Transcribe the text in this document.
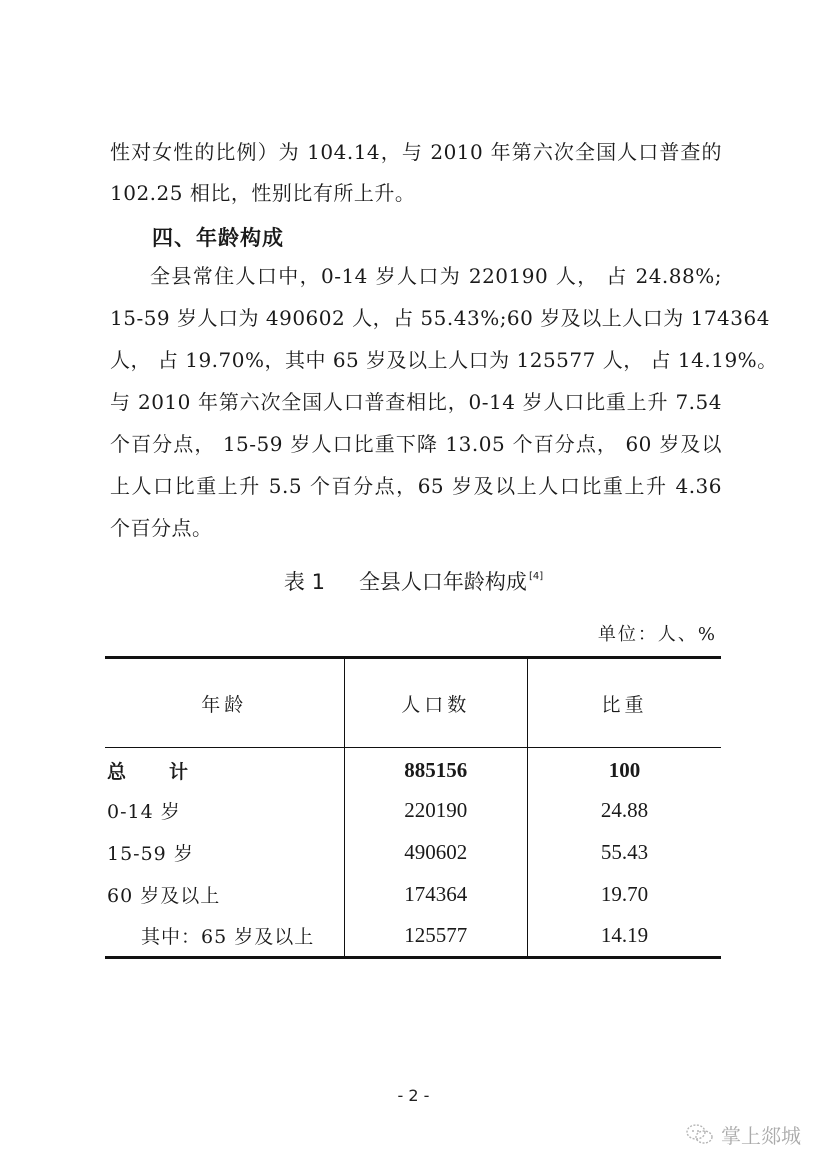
性对女性的比例）为 104.14，与 2010 年第六次全国人口普查的
102.25 相比，性别比有所上升。
四、年龄构成
全县常住人口中，0-14 岁人口为 220190 人， 占 24.88%;
15-59 岁人口为 490602 人，占 55.43%;60 岁及以上人口为 174364
人， 占 19.70%，其中 65 岁及以上人口为 125577 人， 占 14.19%。
与 2010 年第六次全国人口普查相比，0-14 岁人口比重上升 7.54
个百分点， 15-59 岁人口比重下降 13.05 个百分点， 60 岁及以
上人口比重上升 5.5 个百分点，65 岁及以上人口比重上升 4.36
个百分点。
表 1 全县人口年龄构成 [4]
单位：人、%
年龄	人口数	比重
总 计	885156	100
0-14 岁	220190	24.88
15-59 岁	490602	55.43
60 岁及以上	174364	19.70
其中：65 岁及以上	125577	14.19
- 2 -
掌上郯城
